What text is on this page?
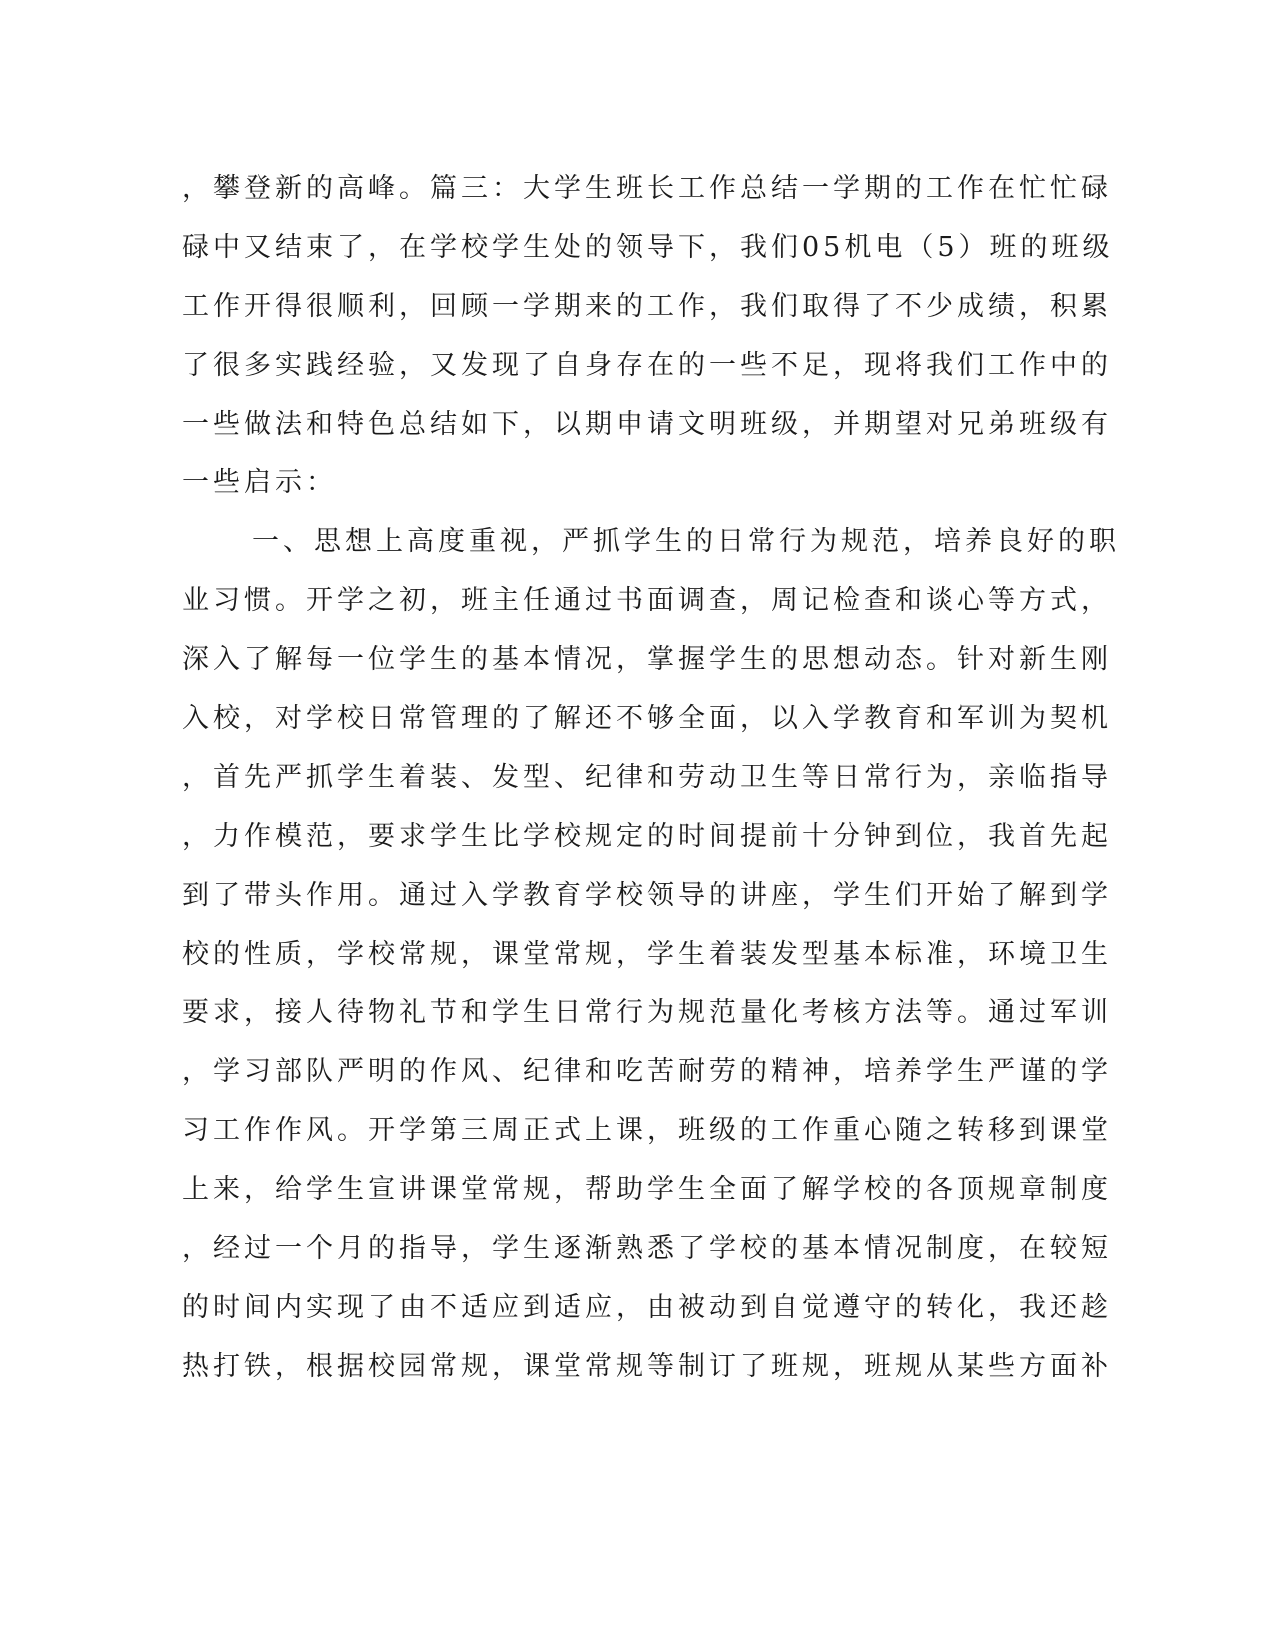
，攀登新的高峰。篇三：大学生班长工作总结一学期的工作在忙忙碌
碌中又结束了，在学校学生处的领导下，我们05机电（5）班的班级
工作开得很顺利，回顾一学期来的工作，我们取得了不少成绩，积累
了很多实践经验，又发现了自身存在的一些不足，现将我们工作中的
一些做法和特色总结如下，以期申请文明班级，并期望对兄弟班级有
一些启示：
一、思想上高度重视，严抓学生的日常行为规范，培养良好的职
业习惯。开学之初，班主任通过书面调查，周记检查和谈心等方式，
深入了解每一位学生的基本情况，掌握学生的思想动态。针对新生刚
入校，对学校日常管理的了解还不够全面，以入学教育和军训为契机
，首先严抓学生着装、发型、纪律和劳动卫生等日常行为，亲临指导
，力作模范，要求学生比学校规定的时间提前十分钟到位，我首先起
到了带头作用。通过入学教育学校领导的讲座，学生们开始了解到学
校的性质，学校常规，课堂常规，学生着装发型基本标准，环境卫生
要求，接人待物礼节和学生日常行为规范量化考核方法等。通过军训
，学习部队严明的作风、纪律和吃苦耐劳的精神，培养学生严谨的学
习工作作风。开学第三周正式上课，班级的工作重心随之转移到课堂
上来，给学生宣讲课堂常规，帮助学生全面了解学校的各顶规章制度
，经过一个月的指导，学生逐渐熟悉了学校的基本情况制度，在较短
的时间内实现了由不适应到适应，由被动到自觉遵守的转化，我还趁
热打铁，根据校园常规，课堂常规等制订了班规，班规从某些方面补
